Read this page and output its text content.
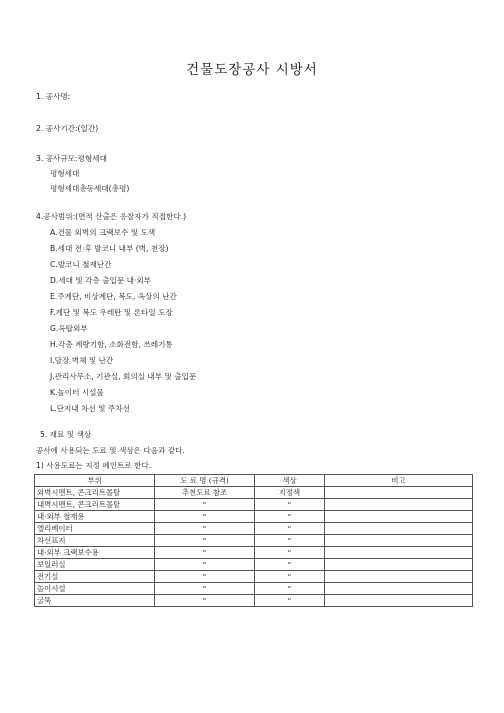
건물도장공사 시방서
1. 공사명:
2. 공사기간:(일간)
3. 공사규모:평형세대
평형세대
평형세대총동세대(총평)
4.공사범위:(면적 산출은 응찰자가 직접한다.)
A.건물 외벽의 크랙보수 및 도색
B.세대 전·후 발코니 내부 (벽, 천장)
C.발코니 철재난간
D.세대 및 각층 출입문 내·외부
E.주계단, 비상계단, 복도, 옥상의 난간
F.계단 및 복도 우레탄 및 론타일 도장
G.옥탑외부
H.각층 계량기함, 소화전함, 쓰레기통
I.담장 벽체 및 난간
J.관리사무소, 기관실, 회의실 내부 및 출입문
K.놀이터 시설물
L.단지내 차선 및 주차선
5. 재료 및 색상
공사에 사용되는 도료 및 색상은 다음과 같다.
1) 사용도료는 지정 페인트로 한다.
부위	도 료 명 (규격)	색상	비고
외벽시멘트, 콘크리트몰탈	추천도료 참조	지정색	
내벽시멘트, 콘크리트몰탈	"	"	
내·외부 철재용	"	"	
엘리베이터	"	"	
차선표지	"	"	
내·외부 크랙보수용	"	"	
보일러실	"	"	
전기실	"	"	
놀이시설	"	"	
굴뚝	"	"	
